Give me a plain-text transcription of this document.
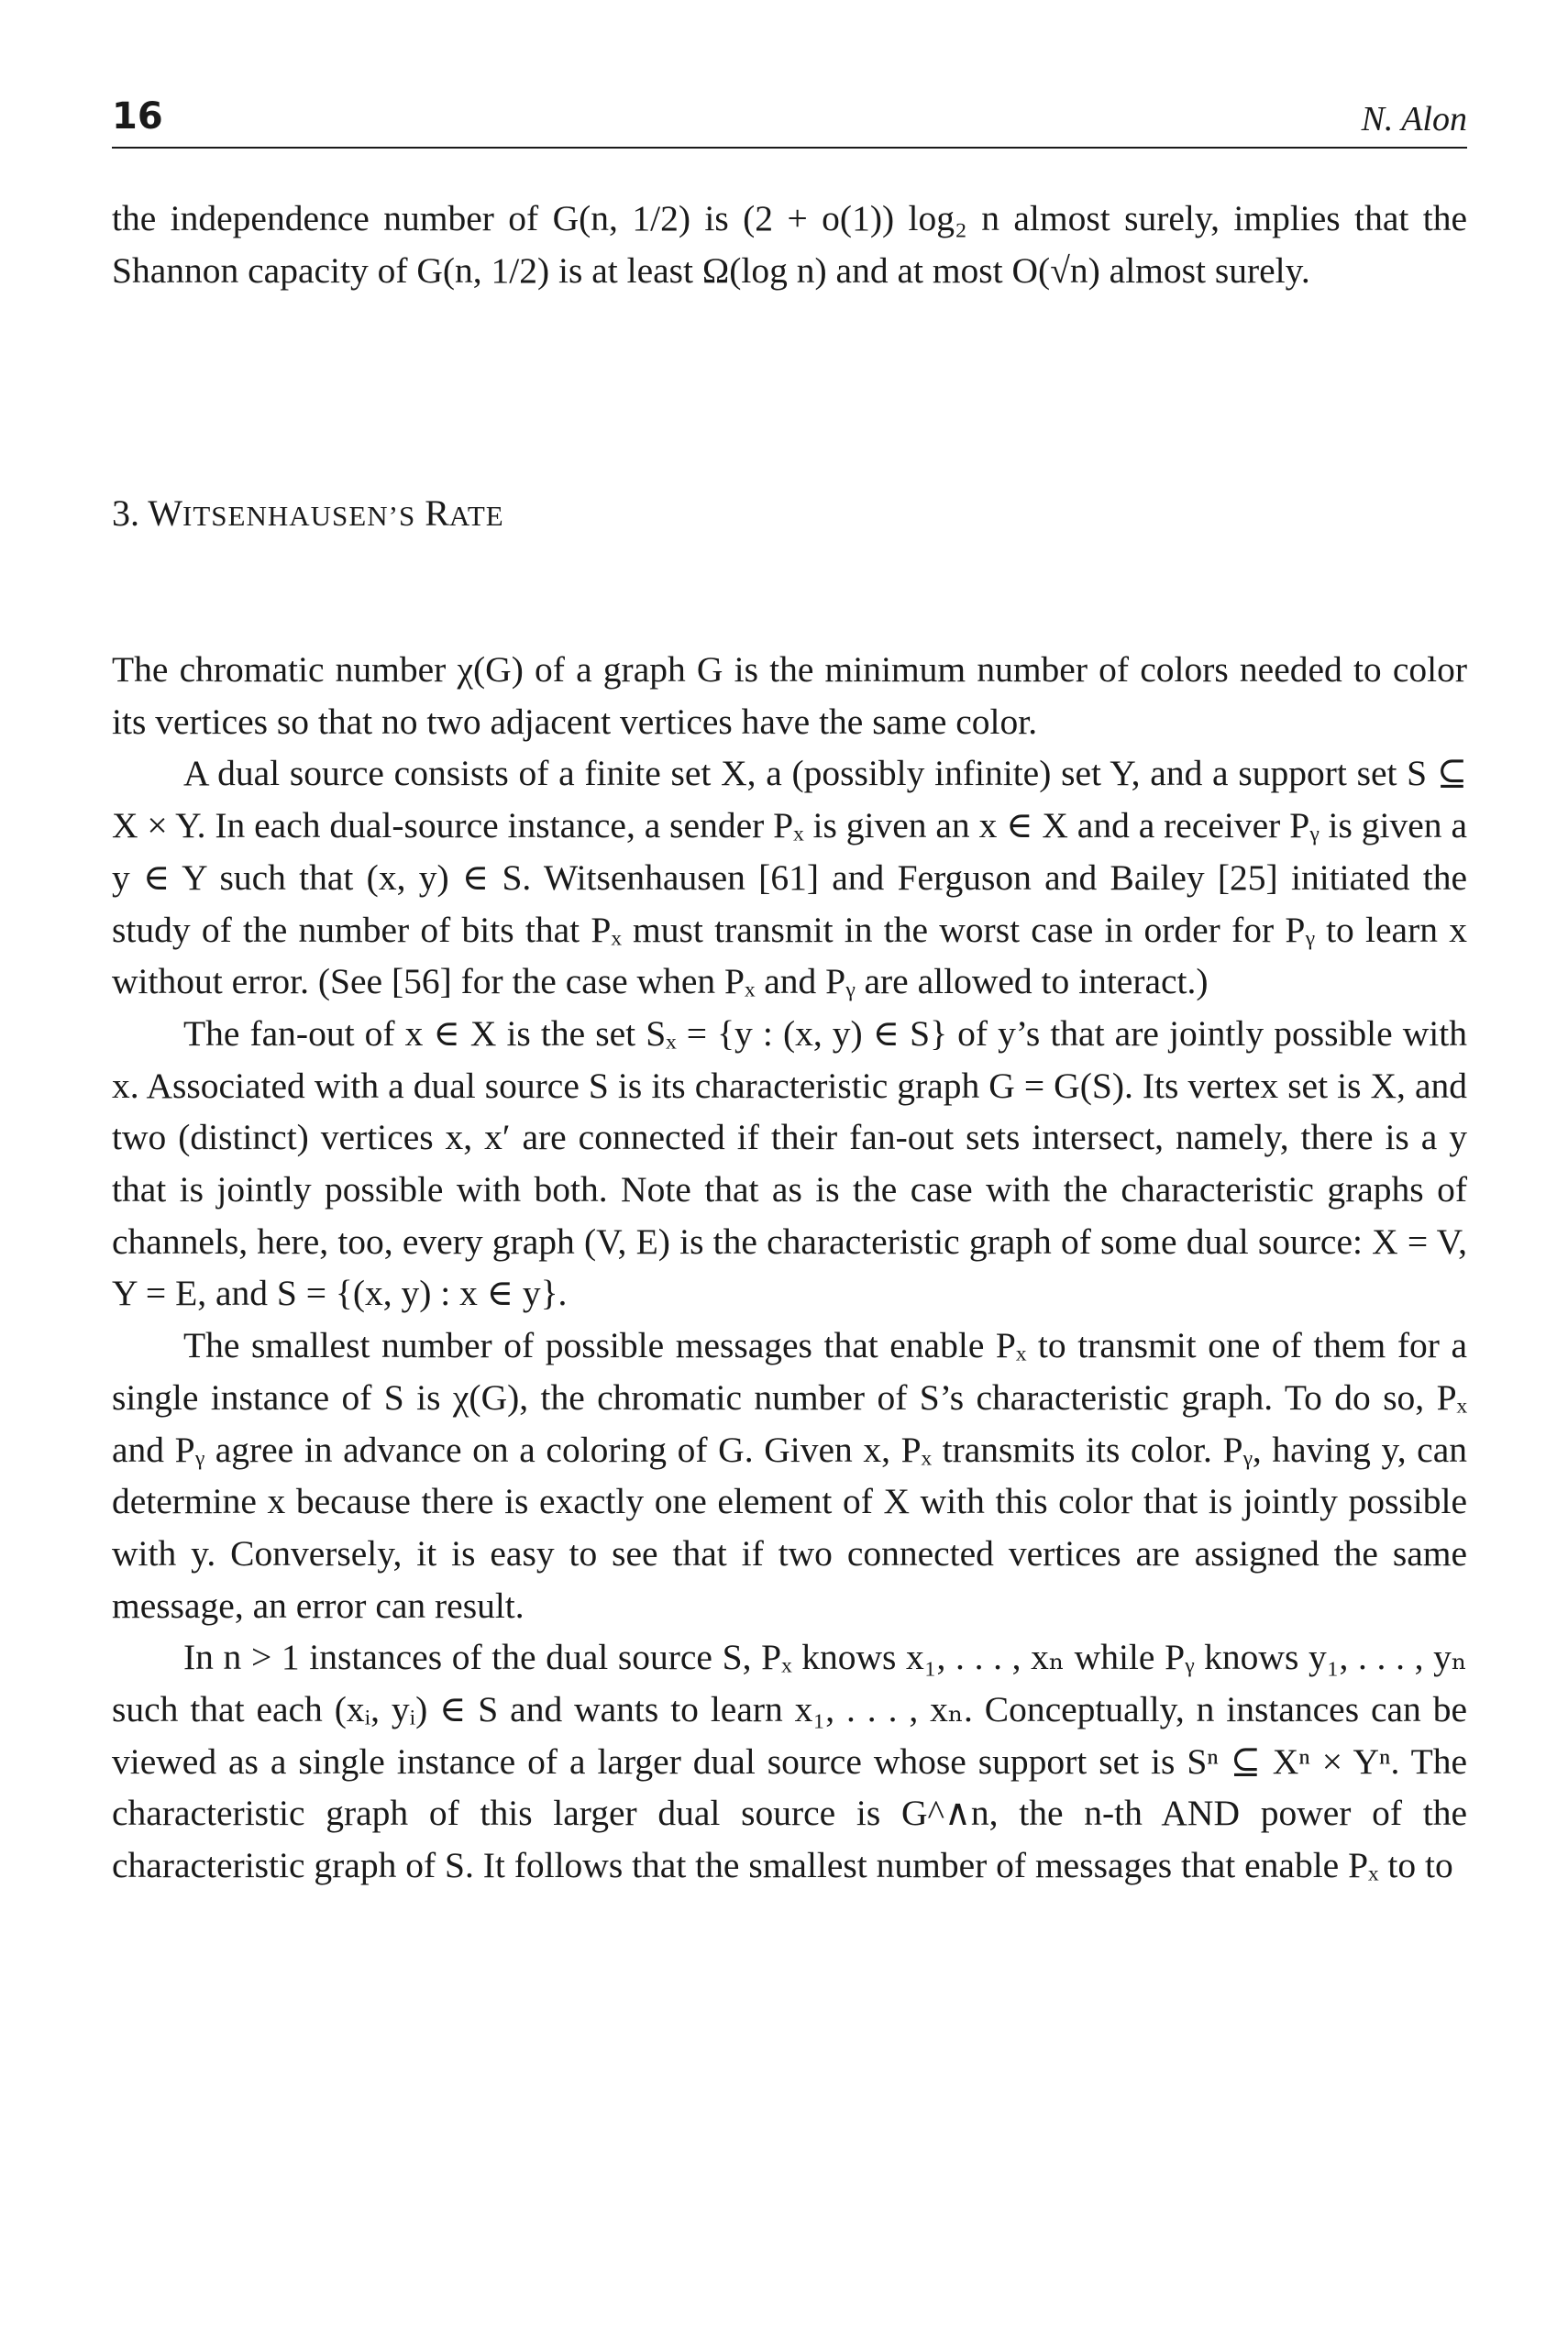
16	N. Alon

the independence number of G(n, 1/2) is (2 + o(1)) log₂ n almost surely, implies that the Shannon capacity of G(n, 1/2) is at least Ω(log n) and at most O(√n) almost surely.

3. WITSENHAUSEN’S RATE

The chromatic number χ(G) of a graph G is the minimum number of colors needed to color its vertices so that no two adjacent vertices have the same color.

A dual source consists of a finite set X, a (possibly infinite) set Y, and a support set S ⊆ X × Y. In each dual-source instance, a sender Pₓ is given an x ∈ X and a receiver Pᵧ is given a y ∈ Y such that (x, y) ∈ S. Witsenhausen [61] and Ferguson and Bailey [25] initiated the study of the number of bits that Pₓ must transmit in the worst case in order for Pᵧ to learn x without error. (See [56] for the case when Pₓ and Pᵧ are allowed to interact.)

The fan-out of x ∈ X is the set Sₓ = {y : (x, y) ∈ S} of y’s that are jointly possible with x. Associated with a dual source S is its characteristic graph G = G(S). Its vertex set is X, and two (distinct) vertices x, x′ are connected if their fan-out sets intersect, namely, there is a y that is jointly possible with both. Note that as is the case with the characteristic graphs of channels, here, too, every graph (V, E) is the characteristic graph of some dual source: X = V, Y = E, and S = {(x, y) : x ∈ y}.

The smallest number of possible messages that enable Pₓ to transmit one of them for a single instance of S is χ(G), the chromatic number of S’s characteristic graph. To do so, Pₓ and Pᵧ agree in advance on a coloring of G. Given x, Pₓ transmits its color. Pᵧ, having y, can determine x because there is exactly one element of X with this color that is jointly possible with y. Conversely, it is easy to see that if two connected vertices are assigned the same message, an error can result.

In n > 1 instances of the dual source S, Pₓ knows x₁, . . . , xₙ while Pᵧ knows y₁, . . . , yₙ such that each (xᵢ, yᵢ) ∈ S and wants to learn x₁, . . . , xₙ. Conceptually, n instances can be viewed as a single instance of a larger dual source whose support set is Sⁿ ⊆ Xⁿ × Yⁿ. The characteristic graph of this larger dual source is G^∧n, the n-th AND power of the characteristic graph of S. It follows that the smallest number of messages that enable Pₓ to to
